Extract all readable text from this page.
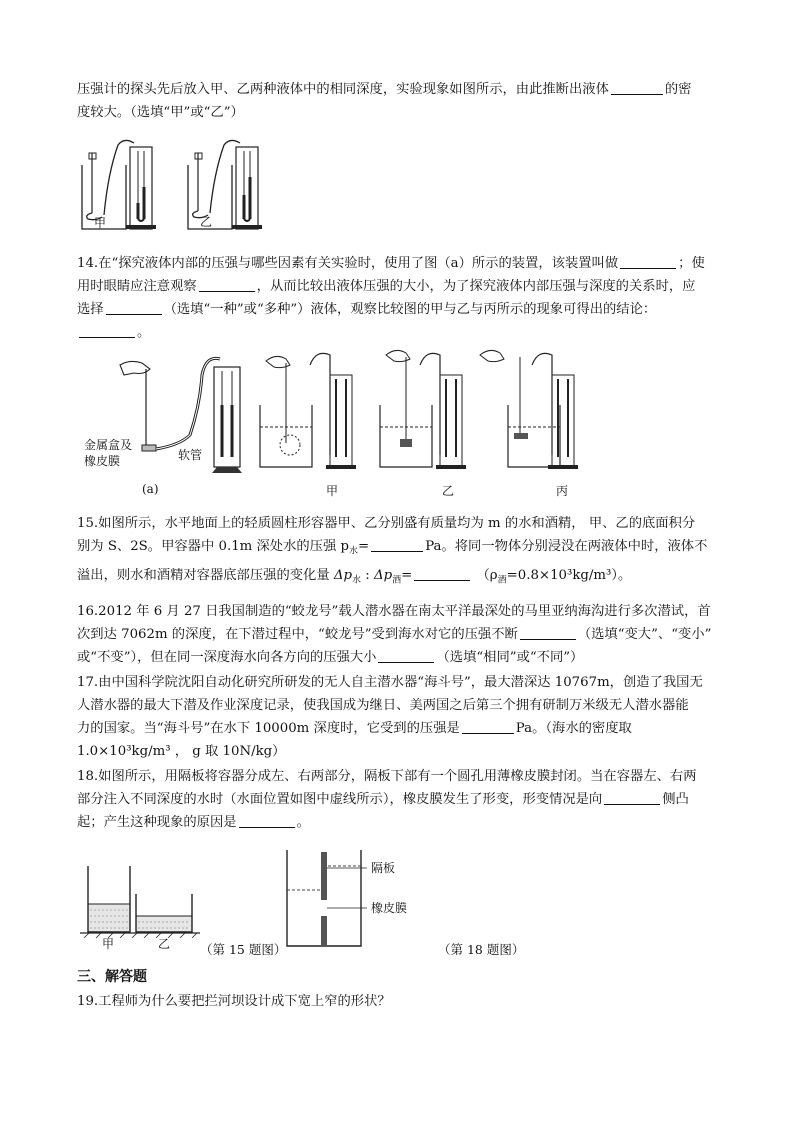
压强计的探头先后放入甲、乙两种液体中的相同深度，实验现象如图所示，由此推断出液体	的密
度较大。（选填“甲”或“乙”）
甲	乙
14.在“探究液体内部的压强与哪些因素有关实验时，使用了图（a）所示的装置，该装置叫做	；使
用时眼睛应注意观察	，从而比较出液体压强的大小，为了探究液体内部压强与深度的关系时，应
选择	（选填“一种”或“多种”）液体，观察比较图的甲与乙与丙所示的现象可得出的结论：
。
金属盒及
橡皮膜	软管
(a)	甲	乙	丙
15.如图所示，水平地面上的轻质圆柱形容器甲、乙分别盛有质量均为 m 的水和酒精， 甲、乙的底面积分
别为 S、2S。甲容器中 0.1m 深处水的压强 $p_水=$	Pa。将同一物体分别浸没在两液体中时，液体不
溢出，则水和酒精对容器底部压强的变化量 $\Delta p_水$ : $\Delta p_酒=$	$(\rho_酒=0.8\times 10^3kg/m^3)$。
16.2012 年 6 月 27 日我国制造的“蛟龙号”载人潜水器在南太平洋最深处的马里亚纳海沟进行多次潜试，首
次到达 7062m 的深度，在下潜过程中，“蛟龙号”受到海水对它的压强不断	（选填“变大”、“变小”
或“不变”），但在同一深度海水向各方向的压强大小	（选填“相同”或“不同”）
17.由中国科学院沈阳自动化研究所研发的无人自主潜水器“海斗号”，最大潜深达 10767m，创造了我国无
人潜水器的最大下潜及作业深度记录，使我国成为继日、美两国之后第三个拥有研制万米级无人潜水器能
力的国家。当“海斗号”在水下 10000m 深度时，它受到的压强是	Pa。（海水的密度取
1.0×10³kg/m³ ， g 取 10N/kg）
18.如图所示，用隔板将容器分成左、右两部分，隔板下部有一个圆孔用薄橡皮膜封闭。当在容器左、右两
部分注入不同深度的水时（水面位置如图中虚线所示），橡皮膜发生了形变，形变情况是向	侧凸
起；产生这种现象的原因是	。
甲	乙 （第 15 题图）
隔板
橡皮膜
（第 18 题图）
三、解答题
19.工程师为什么要把拦河坝设计成下宽上窄的形状？
